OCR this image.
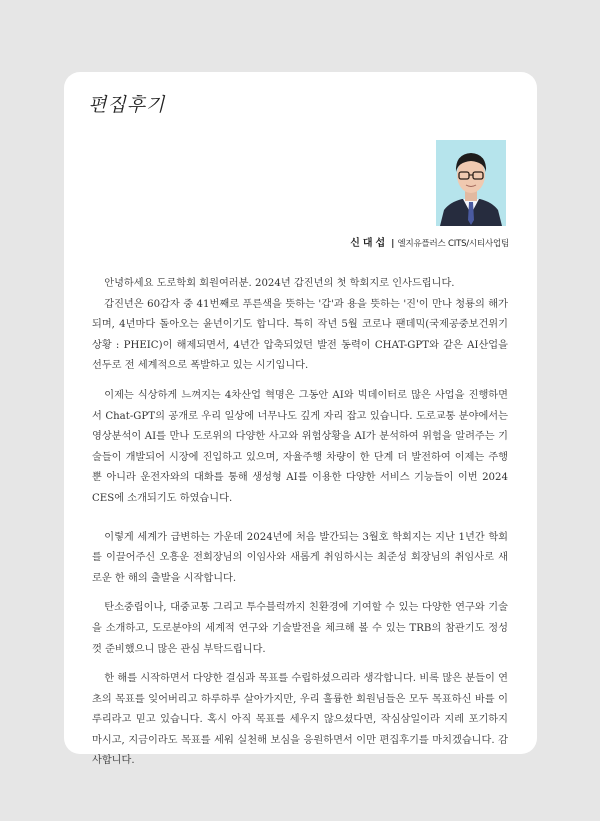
편집후기
신대섭 | 엘지유플러스 CITS/시티사업팀

안녕하세요 도로학회 회원여러분. 2024년 갑진년의 첫 학회지로 인사드립니다.

갑진년은 60갑자 중 41번째로 푸른색을 뜻하는 '갑'과 용을 뜻하는 '진'이 만나 청룡의 해가 되며, 4년마다 돌아오는 윤년이기도 합니다. 특히 작년 5월 코로나 팬데믹(국제공중보건위기상황 : PHEIC)이 해제되면서, 4년간 압축되었던 발전 동력이 CHAT-GPT와 같은 AI산업을 선두로 전 세계적으로 폭발하고 있는 시기입니다.

이제는 식상하게 느껴지는 4차산업 혁명은 그동안 AI와 빅데이터로 많은 사업을 진행하면서 Chat-GPT의 공개로 우리 일상에 너무나도 깊게 자리 잡고 있습니다. 도로교통 분야에서는 영상분석이 AI를 만나 도로위의 다양한 사고와 위험상황을 AI가 분석하여 위험을 알려주는 기술들이 개발되어 시장에 진입하고 있으며, 자율주행 차량이 한 단계 더 발전하여 이제는 주행 뿐 아니라 운전자와의 대화를 통해 생성형 AI를 이용한 다양한 서비스 기능들이 이번 2024 CES에 소개되기도 하였습니다.

이렇게 세계가 급변하는 가운데 2024년에 처음 발간되는 3월호 학회지는 지난 1년간 학회를 이끌어주신 오흥운 전회장님의 이임사와 새롭게 취임하시는 최준성 회장님의 취임사로 새로운 한 해의 출발을 시작합니다.

탄소중립이나, 대중교통 그리고 투수블럭까지 친환경에 기여할 수 있는 다양한 연구와 기술을 소개하고, 도로분야의 세계적 연구와 기술발전을 체크해 볼 수 있는 TRB의 참관기도 정성껏 준비했으니 많은 관심 부탁드립니다.

한 해를 시작하면서 다양한 결심과 목표를 수립하셨으리라 생각합니다. 비록 많은 분들이 연초의 목표를 잊어버리고 하루하루 살아가지만, 우리 훌륭한 회원님들은 모두 목표하신 바를 이루리라고 믿고 있습니다. 혹시 아직 목표를 세우지 않으셨다면, 작심삼일이라 지레 포기하지 마시고, 지금이라도 목표를 세워 실천해 보심을 응원하면서 이만 편집후기를 마치겠습니다. 감사합니다.
